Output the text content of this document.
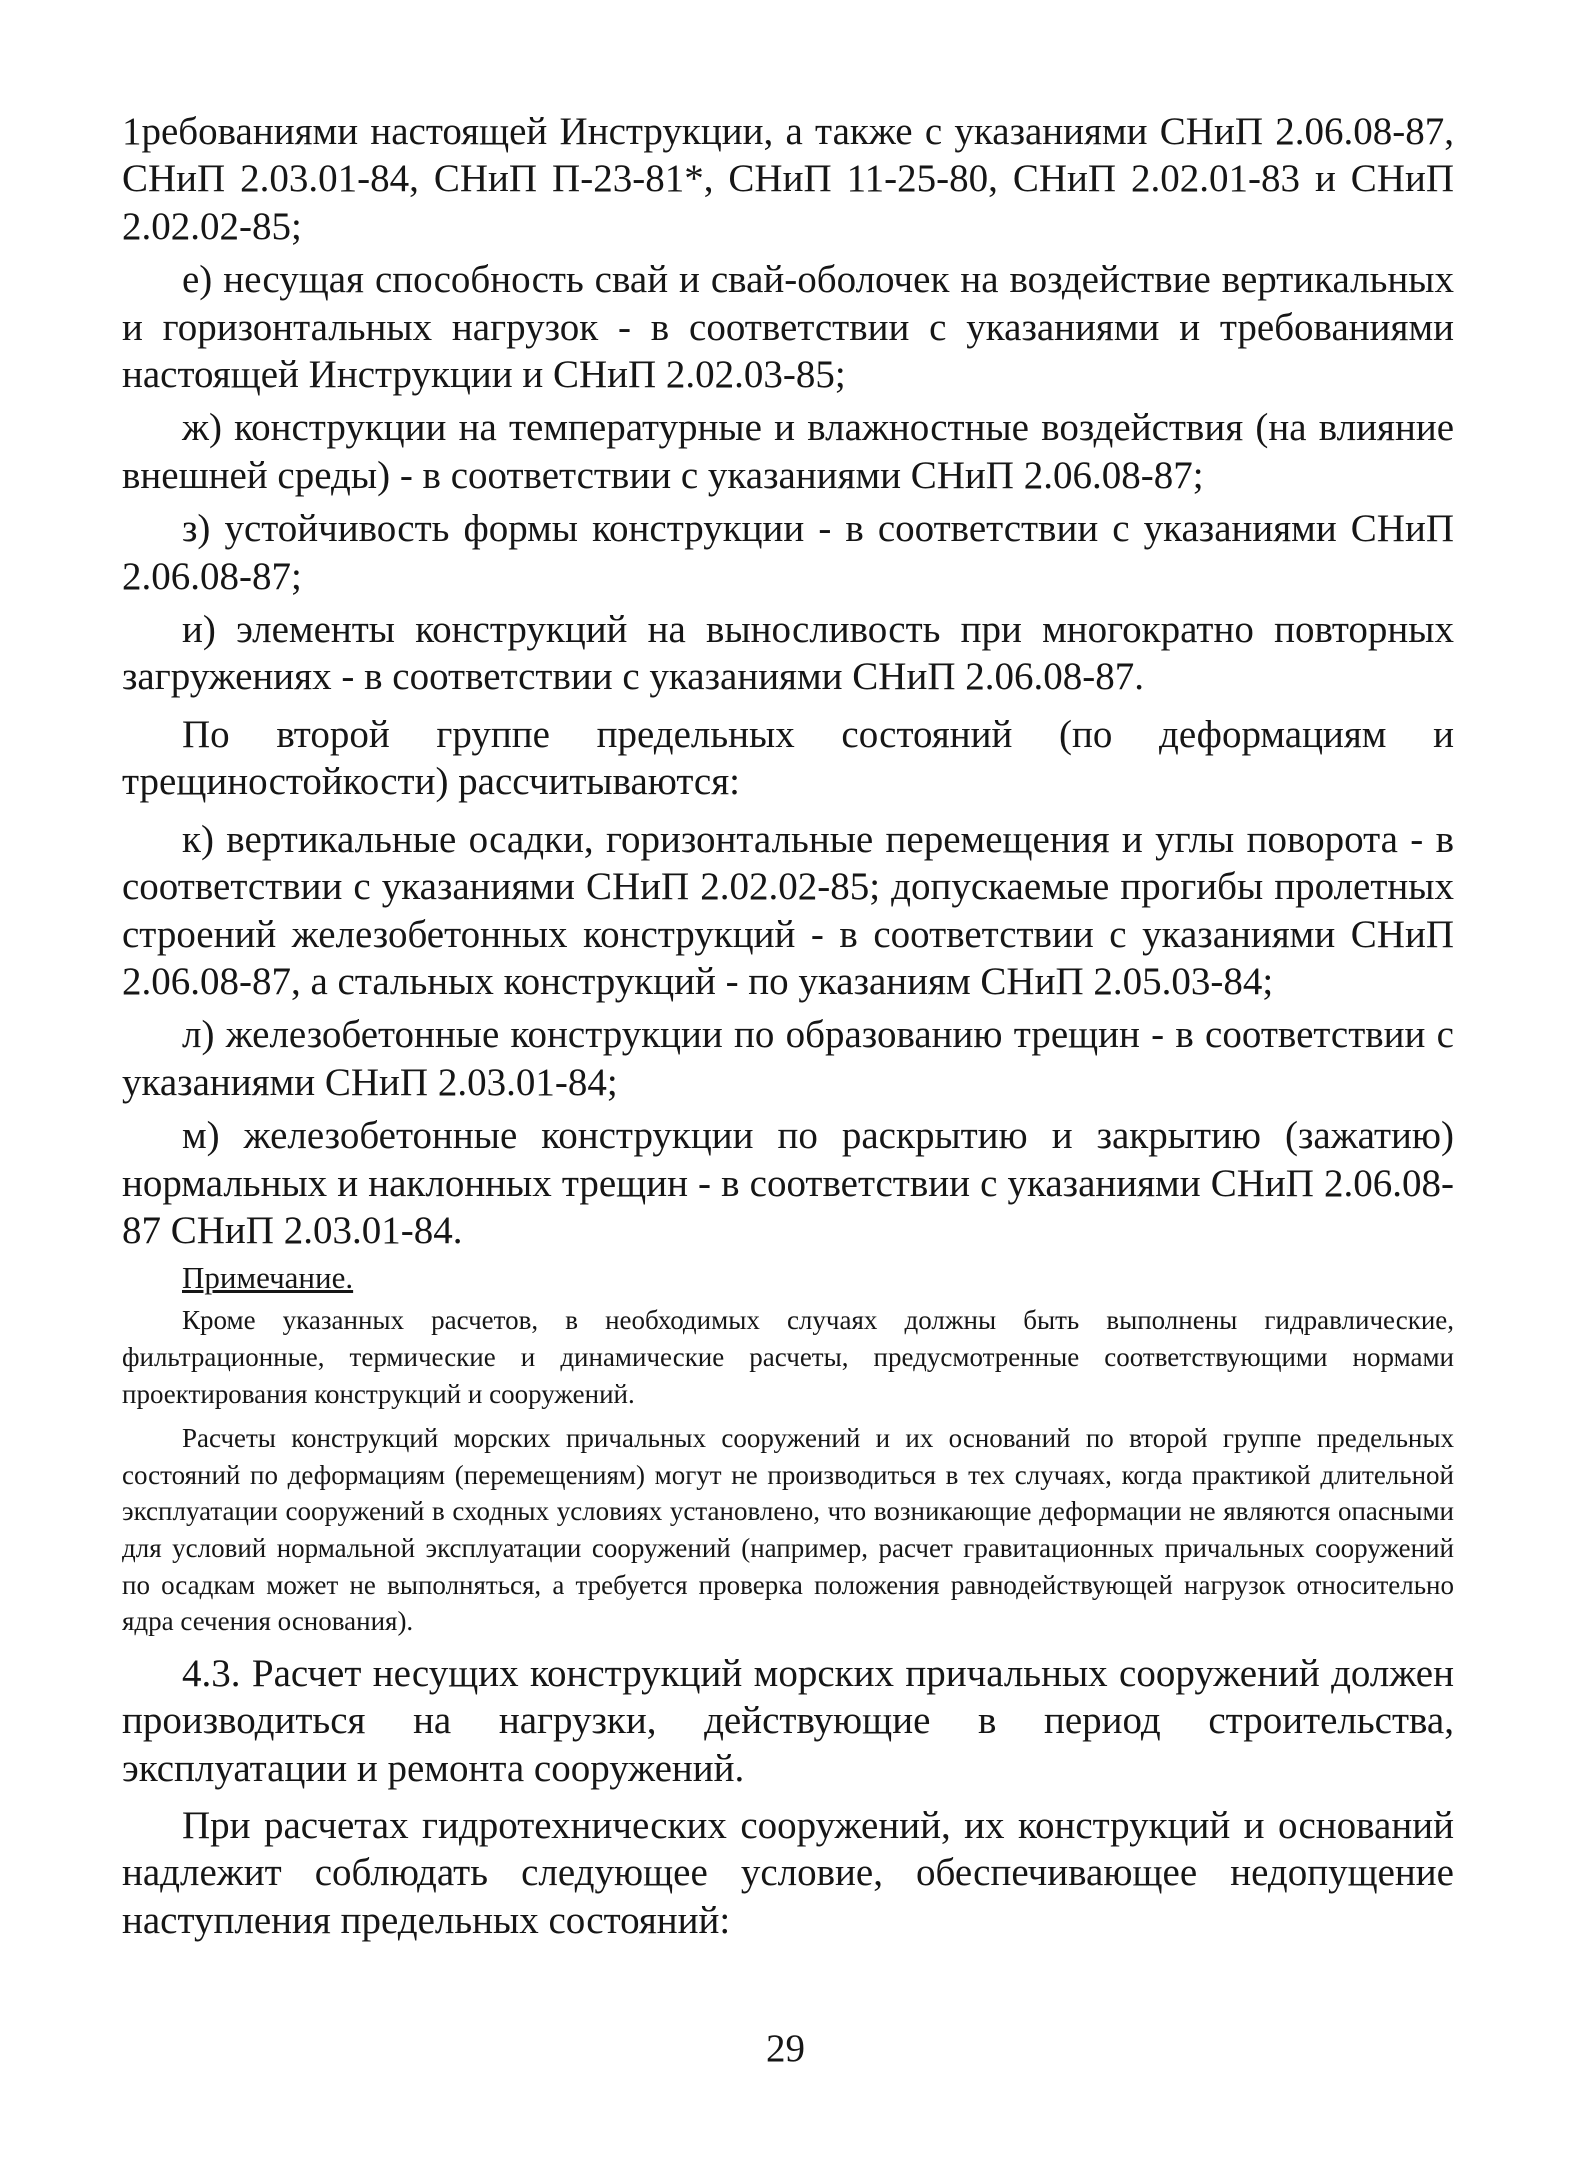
1ребованиями настоящей Инструкции, а также с указаниями СНиП 2.06.08-87, СНиП 2.03.01-84, СНиП П-23-81*, СНиП 11-25-80, СНиП 2.02.01-83 и СНиП 2.02.02-85;

е) несущая способность свай и свай-оболочек на воздействие вертикальных и горизонтальных нагрузок - в соответствии с указаниями и требованиями настоящей Инструкции и СНиП 2.02.03-85;

ж) конструкции на температурные и влажностные воздействия (на влияние внешней среды) - в соответствии с указаниями СНиП 2.06.08-87;

з) устойчивость формы конструкции - в соответствии с указаниями СНиП 2.06.08-87;

и) элементы конструкций на выносливость при многократно повторных загружениях - в соответствии с указаниями СНиП 2.06.08-87.

По второй группе предельных состояний (по деформациям и трещиностойкости) рассчитываются:

к) вертикальные осадки, горизонтальные перемещения и углы поворота - в соответствии с указаниями СНиП 2.02.02-85; допускаемые прогибы пролетных строений железобетонных конструкций - в соответствии с указаниями СНиП 2.06.08-87, а стальных конструкций - по указаниям СНиП 2.05.03-84;

л) железобетонные конструкции по образованию трещин - в соответствии с указаниями СНиП 2.03.01-84;

м) железобетонные конструкции по раскрытию и закрытию (зажатию) нормальных и наклонных трещин - в соответствии с указаниями СНиП 2.06.08-87 СНиП 2.03.01-84.

Примечание.

Кроме указанных расчетов, в необходимых случаях должны быть выполнены гидравлические, фильтрационные, термические и динамические расчеты, предусмотренные соответствующими нормами проектирования конструкций и сооружений.

Расчеты конструкций морских причальных сооружений и их оснований по второй группе предельных состояний по деформациям (перемещениям) могут не производиться в тех случаях, когда практикой длительной эксплуатации сооружений в сходных условиях установлено, что возникающие деформации не являются опасными для условий нормальной эксплуатации сооружений (например, расчет гравитационных причальных сооружений по осадкам может не выполняться, а требуется проверка положения равнодействующей нагрузок относительно ядра сечения основания).

4.3. Расчет несущих конструкций морских причальных сооружений должен производиться на нагрузки, действующие в период строительства, эксплуатации и ремонта сооружений.

При расчетах гидротехнических сооружений, их конструкций и оснований надлежит соблюдать следующее условие, обеспечивающее недопущение наступления предельных состояний:

29
